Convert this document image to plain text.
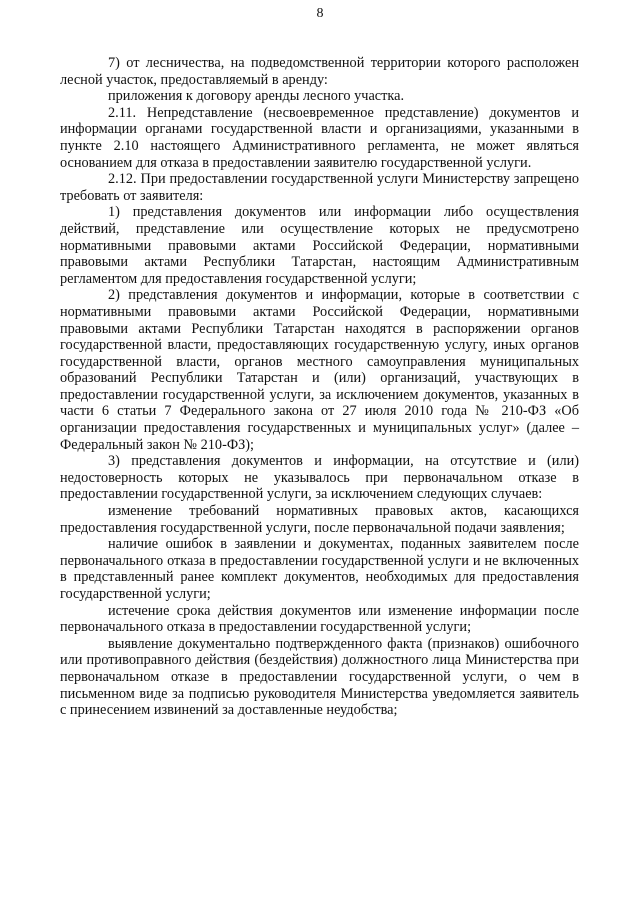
8

7) от лесничества, на подведомственной территории которого расположен лесной участок, предоставляемый в аренду:

приложения к договору аренды лесного участка.

2.11. Непредставление (несвоевременное представление) документов и информации органами государственной власти и организациями, указанными в пункте 2.10 настоящего Административного регламента, не может являться основанием для отказа в предоставлении заявителю государственной услуги.

2.12. При предоставлении государственной услуги Министерству запрещено требовать от заявителя:

1) представления документов или информации либо осуществления действий, представление или осуществление которых не предусмотрено нормативными правовыми актами Российской Федерации, нормативными правовыми актами Республики Татарстан, настоящим Административным регламентом для предоставления государственной услуги;

2) представления документов и информации, которые в соответствии с нормативными правовыми актами Российской Федерации, нормативными правовыми актами Республики Татарстан находятся в распоряжении органов государственной власти, предоставляющих государственную услугу, иных органов государственной власти, органов местного самоуправления муниципальных образований Республики Татарстан и (или) организаций, участвующих в предоставлении государственной услуги, за исключением документов, указанных в части 6 статьи 7 Федерального закона от 27 июля 2010 года № 210-ФЗ «Об организации предоставления государственных и муниципальных услуг» (далее – Федеральный закон № 210-ФЗ);

3) представления документов и информации, на отсутствие и (или) недостоверность которых не указывалось при первоначальном отказе в предоставлении государственной услуги, за исключением следующих случаев:

изменение требований нормативных правовых актов, касающихся предоставления государственной услуги, после первоначальной подачи заявления;

наличие ошибок в заявлении и документах, поданных заявителем после первоначального отказа в предоставлении государственной услуги и не включенных в представленный ранее комплект документов, необходимых для предоставления государственной услуги;

истечение срока действия документов или изменение информации после первоначального отказа в предоставлении государственной услуги;

выявление документально подтвержденного факта (признаков) ошибочного или противоправного действия (бездействия) должностного лица Министерства при первоначальном отказе в предоставлении государственной услуги, о чем в письменном виде за подписью руководителя Министерства уведомляется заявитель с принесением извинений за доставленные неудобства;
